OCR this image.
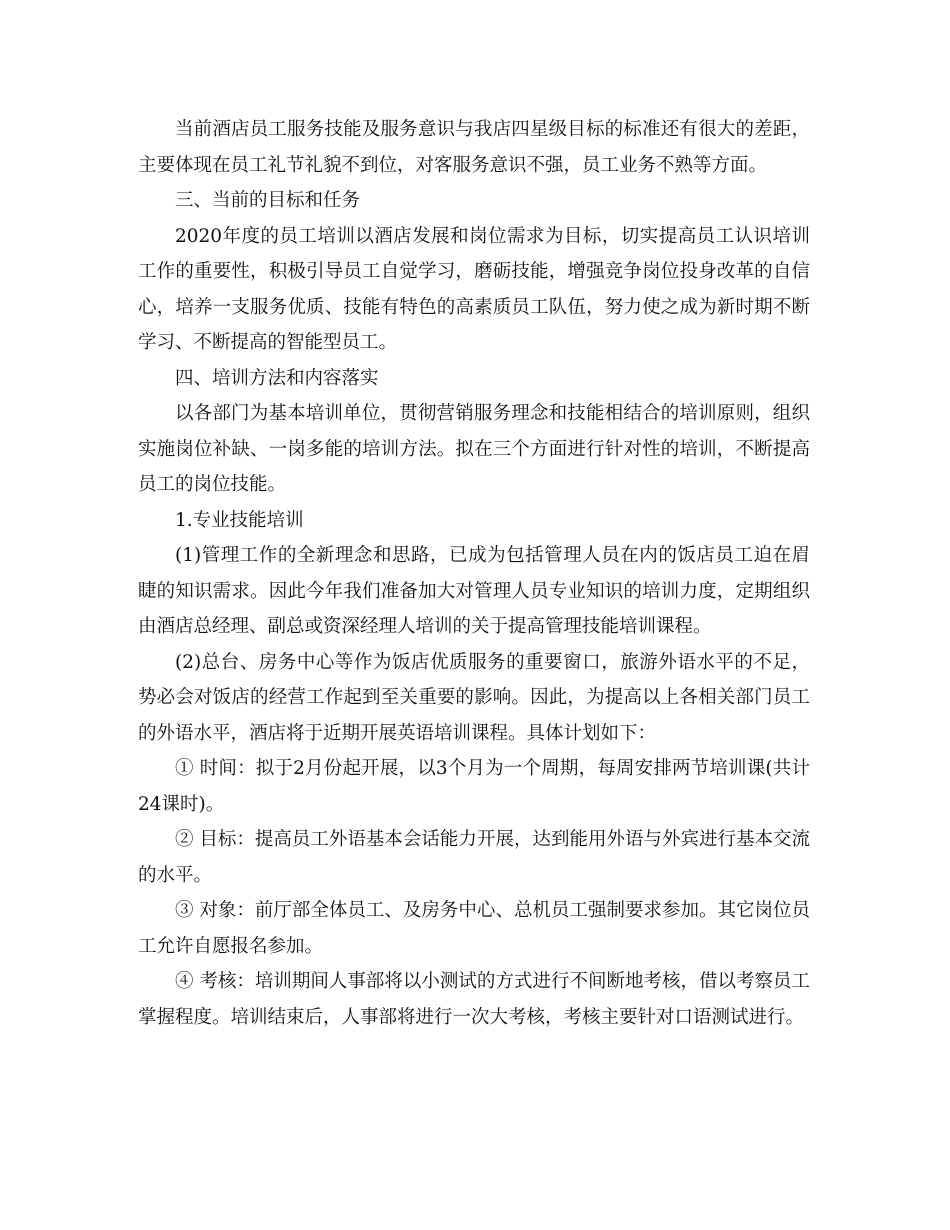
当前酒店员工服务技能及服务意识与我店四星级目标的标准还有很大的差距，主要体现在员工礼节礼貌不到位，对客服务意识不强，员工业务不熟等方面。

三、当前的目标和任务

2020年度的员工培训以酒店发展和岗位需求为目标，切实提高员工认识培训工作的重要性，积极引导员工自觉学习，磨砺技能，增强竞争岗位投身改革的自信心，培养一支服务优质、技能有特色的高素质员工队伍，努力使之成为新时期不断学习、不断提高的智能型员工。

四、培训方法和内容落实

以各部门为基本培训单位，贯彻营销服务理念和技能相结合的培训原则，组织实施岗位补缺、一岗多能的培训方法。拟在三个方面进行针对性的培训，不断提高员工的岗位技能。

1.专业技能培训

(1)管理工作的全新理念和思路，已成为包括管理人员在内的饭店员工迫在眉睫的知识需求。因此今年我们准备加大对管理人员专业知识的培训力度，定期组织由酒店总经理、副总或资深经理人培训的关于提高管理技能培训课程。

(2)总台、房务中心等作为饭店优质服务的重要窗口，旅游外语水平的不足，势必会对饭店的经营工作起到至关重要的影响。因此，为提高以上各相关部门员工的外语水平，酒店将于近期开展英语培训课程。具体计划如下：

① 时间：拟于2月份起开展，以3个月为一个周期，每周安排两节培训课(共计24课时)。

② 目标：提高员工外语基本会话能力开展，达到能用外语与外宾进行基本交流的水平。

③ 对象：前厅部全体员工、及房务中心、总机员工强制要求参加。其它岗位员工允许自愿报名参加。

④ 考核：培训期间人事部将以小测试的方式进行不间断地考核，借以考察员工掌握程度。培训结束后，人事部将进行一次大考核，考核主要针对口语测试进行。
